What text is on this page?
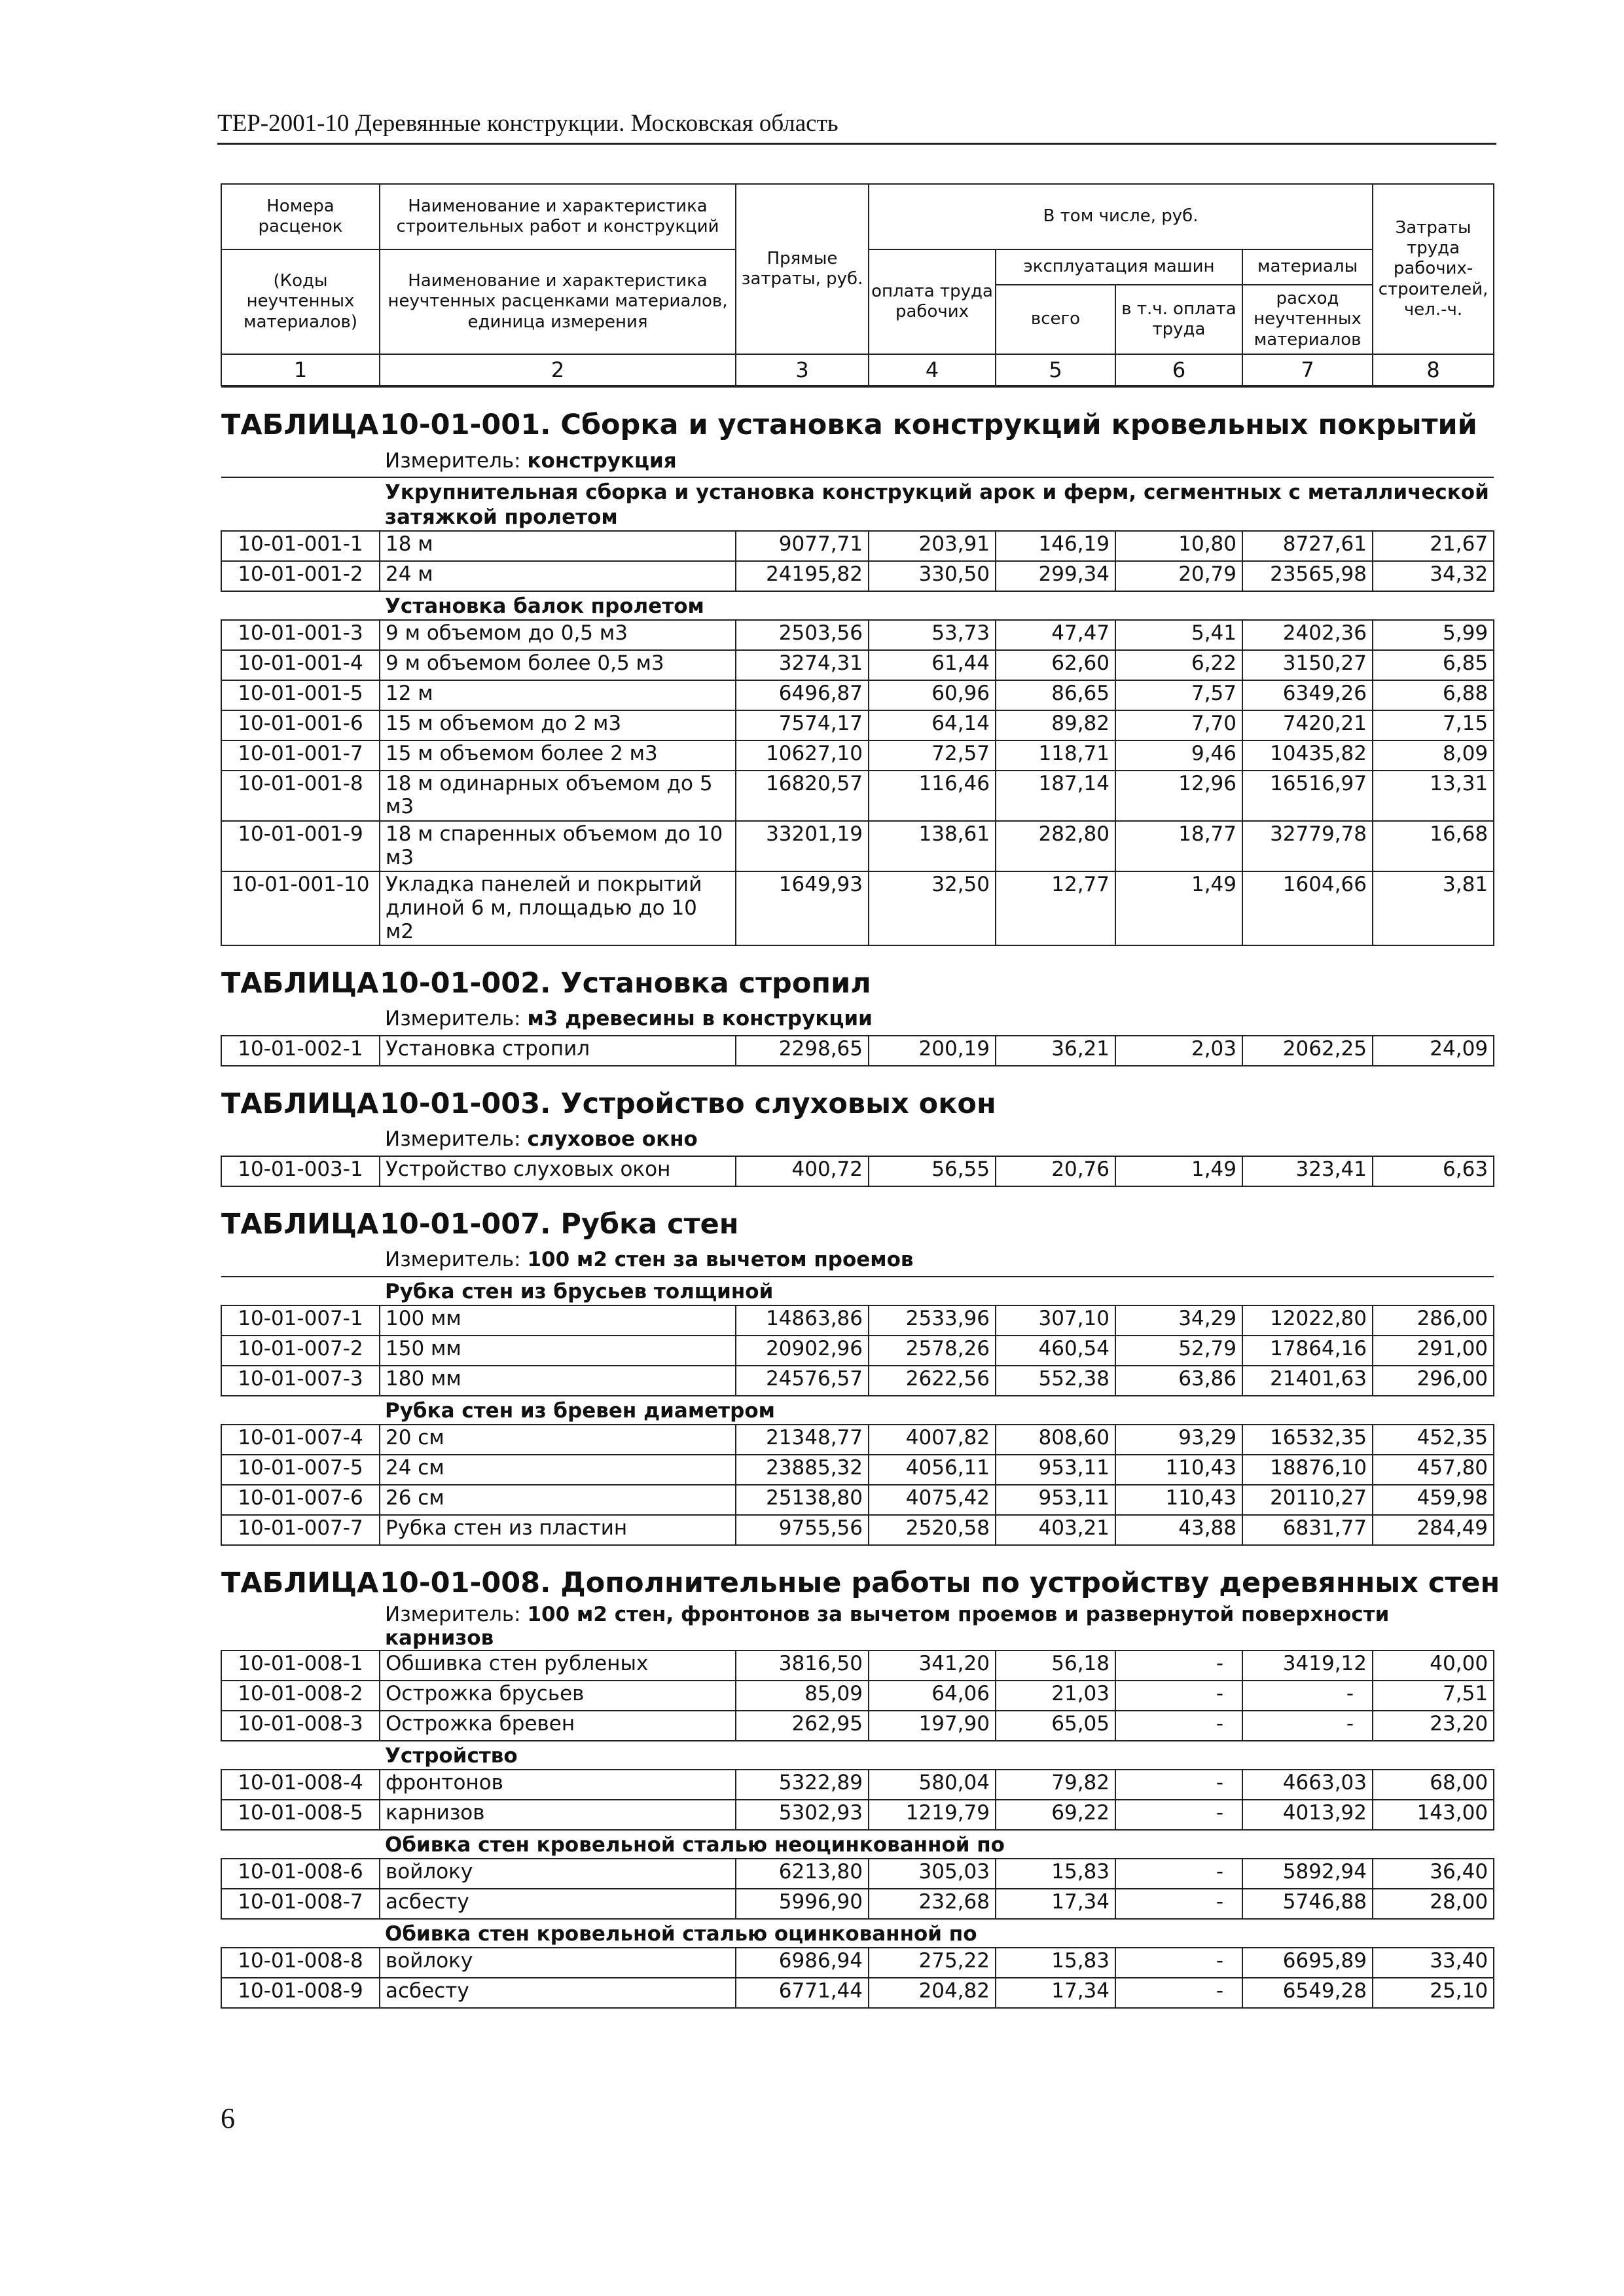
ТЕР-2001-10 Деревянные конструкции. Московская область
Номера расценок	Наименование и характеристика строительных работ и конструкций	Прямые затраты, руб.	В том числе, руб.				Затраты труда рабочих-строителей, чел.-ч.
(Коды неучтенных материалов)	Наименование и характеристика неучтенных расценками материалов, единица измерения		оплата труда рабочих	эксплуатация машин		материалы	
				всего	в т.ч. оплата труда	расход неучтенных материалов	
1	2	3	4	5	6	7	8
ТАБЛИЦА10-01-001. Сборка и установка конструкций кровельных покрытий							

Измеритель: конструкция							

Укрупнительная сборка и установка конструкций арок и ферм, сегментных с металлической затяжкой пролетом							
10-01-001-1	18 м	9077,71	203,91	146,19	10,80	8727,61	21,67
10-01-001-2	24 м	24195,82	330,50	299,34	20,79	23565,98	34,32
Установка балок пролетом							
10-01-001-3	9 м объемом до 0,5 м3	2503,56	53,73	47,47	5,41	2402,36	5,99
10-01-001-4	9 м объемом более 0,5 м3	3274,31	61,44	62,60	6,22	3150,27	6,85
10-01-001-5	12 м	6496,87	60,96	86,65	7,57	6349,26	6,88
10-01-001-6	15 м объемом до 2 м3	7574,17	64,14	89,82	7,70	7420,21	7,15
10-01-001-7	15 м объемом более 2 м3	10627,10	72,57	118,71	9,46	10435,82	8,09
10-01-001-8	18 м одинарных объемом до 5 м3	16820,57	116,46	187,14	12,96	16516,97	13,31
10-01-001-9	18 м спаренных объемом до 10 м3	33201,19	138,61	282,80	18,77	32779,78	16,68
10-01-001-10	Укладка панелей и покрытий длиной 6 м, площадью до 10 м2	1649,93	32,50	12,77	1,49	1604,66	3,81

ТАБЛИЦА10-01-002. Установка стропил							

Измеритель: м3 древесины в конструкции							

10-01-002-1	Установка стропил	2298,65	200,19	36,21	2,03	2062,25	24,09

ТАБЛИЦА10-01-003. Устройство слуховых окон							

Измеритель: слуховое окно							

10-01-003-1	Устройство слуховых окон	400,72	56,55	20,76	1,49	323,41	6,63

ТАБЛИЦА10-01-007. Рубка стен							

Измеритель: 100 м2 стен за вычетом проемов							

Рубка стен из брусьев толщиной							
10-01-007-1	100 мм	14863,86	2533,96	307,10	34,29	12022,80	286,00
10-01-007-2	150 мм	20902,96	2578,26	460,54	52,79	17864,16	291,00
10-01-007-3	180 мм	24576,57	2622,56	552,38	63,86	21401,63	296,00
Рубка стен из бревен диаметром							
10-01-007-4	20 см	21348,77	4007,82	808,60	93,29	16532,35	452,35
10-01-007-5	24 см	23885,32	4056,11	953,11	110,43	18876,10	457,80
10-01-007-6	26 см	25138,80	4075,42	953,11	110,43	20110,27	459,98
10-01-007-7	Рубка стен из пластин	9755,56	2520,58	403,21	43,88	6831,77	284,49

ТАБЛИЦА10-01-008. Дополнительные работы по устройству деревянных стен							

Измеритель: 100 м2 стен, фронтонов за вычетом проемов и развернутой поверхности карнизов							

10-01-008-1	Обшивка стен рубленых	3816,50	341,20	56,18	-	3419,12	40,00
10-01-008-2	Острожка брусьев	85,09	64,06	21,03	-	-	7,51
10-01-008-3	Острожка бревен	262,95	197,90	65,05	-	-	23,20
Устройство							
10-01-008-4	фронтонов	5322,89	580,04	79,82	-	4663,03	68,00
10-01-008-5	карнизов	5302,93	1219,79	69,22	-	4013,92	143,00
Обивка стен кровельной сталью неоцинкованной по							
10-01-008-6	войлоку	6213,80	305,03	15,83	-	5892,94	36,40
10-01-008-7	асбесту	5996,90	232,68	17,34	-	5746,88	28,00
Обивка стен кровельной сталью оцинкованной по							
10-01-008-8	войлоку	6986,94	275,22	15,83	-	6695,89	33,40
10-01-008-9	асбесту	6771,44	204,82	17,34	-	6549,28	25,10
6
